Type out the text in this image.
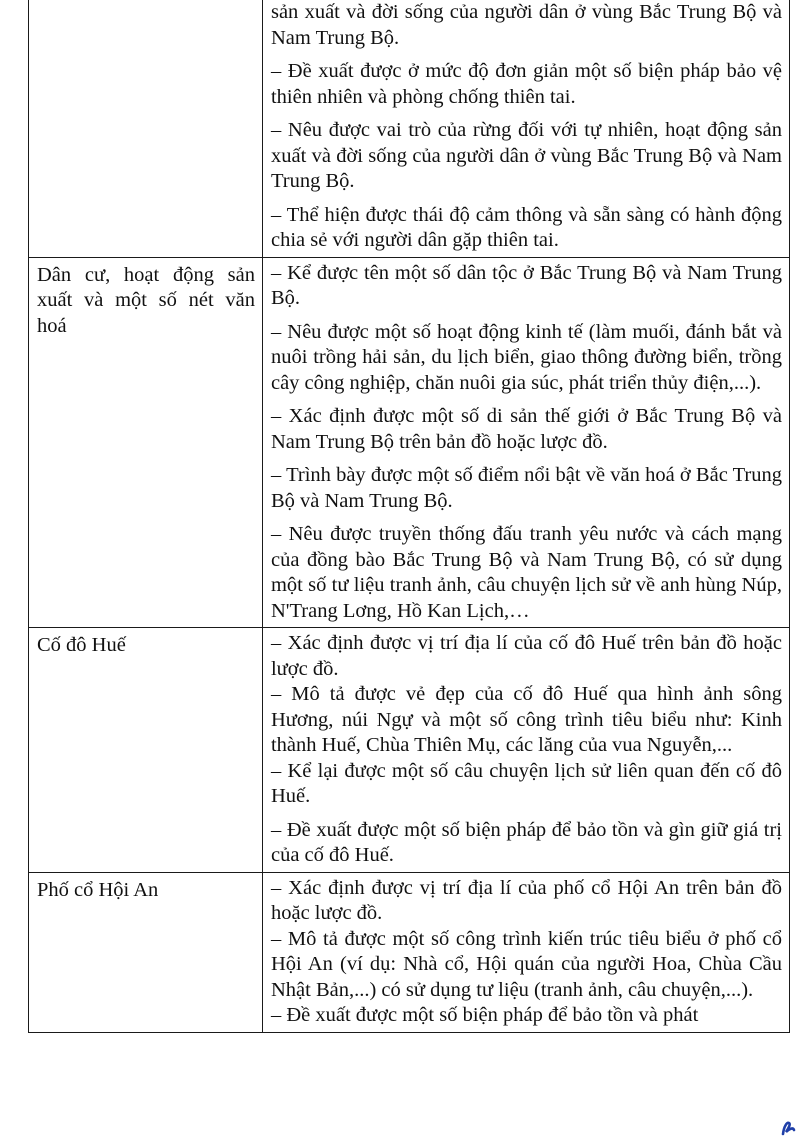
	sản xuất và đời sống của người dân ở vùng Bắc Trung Bộ và Nam Trung Bộ.
– Đề xuất được ở mức độ đơn giản một số biện pháp bảo vệ thiên nhiên và phòng chống thiên tai.
– Nêu được vai trò của rừng đối với tự nhiên, hoạt động sản xuất và đời sống của người dân ở vùng Bắc Trung Bộ và Nam Trung Bộ.
– Thể hiện được thái độ cảm thông và sẵn sàng có hành động chia sẻ với người dân gặp thiên tai.

Dân cư, hoạt động sản xuất và một số nét văn hoá	– Kể được tên một số dân tộc ở Bắc Trung Bộ và Nam Trung Bộ.
– Nêu được một số hoạt động kinh tế (làm muối, đánh bắt và nuôi trồng hải sản, du lịch biển, giao thông đường biển, trồng cây công nghiệp, chăn nuôi gia súc, phát triển thủy điện,...).
– Xác định được một số di sản thế giới ở Bắc Trung Bộ và Nam Trung Bộ trên bản đồ hoặc lược đồ.
– Trình bày được một số điểm nổi bật về văn hoá ở Bắc Trung Bộ và Nam Trung Bộ.
– Nêu được truyền thống đấu tranh yêu nước và cách mạng của đồng bào Bắc Trung Bộ và Nam Trung Bộ, có sử dụng một số tư liệu tranh ảnh, câu chuyện lịch sử về anh hùng Núp, N'Trang Lơng, Hồ Kan Lịch,…

Cố đô Huế	– Xác định được vị trí địa lí của cố đô Huế trên bản đồ hoặc lược đồ.
– Mô tả được vẻ đẹp của cố đô Huế qua hình ảnh sông Hương, núi Ngự và một số công trình tiêu biểu như: Kinh thành Huế, Chùa Thiên Mụ, các lăng của vua Nguyễn,...
– Kể lại được một số câu chuyện lịch sử liên quan đến cố đô Huế.
– Đề xuất được một số biện pháp để bảo tồn và gìn giữ giá trị của cố đô Huế.

Phố cổ Hội An	– Xác định được vị trí địa lí của phố cổ Hội An trên bản đồ hoặc lược đồ.
– Mô tả được một số công trình kiến trúc tiêu biểu ở phố cổ Hội An (ví dụ: Nhà cổ, Hội quán của người Hoa, Chùa Cầu Nhật Bản,...) có sử dụng tư liệu (tranh ảnh, câu chuyện,...).
– Đề xuất được một số biện pháp để bảo tồn và phát
